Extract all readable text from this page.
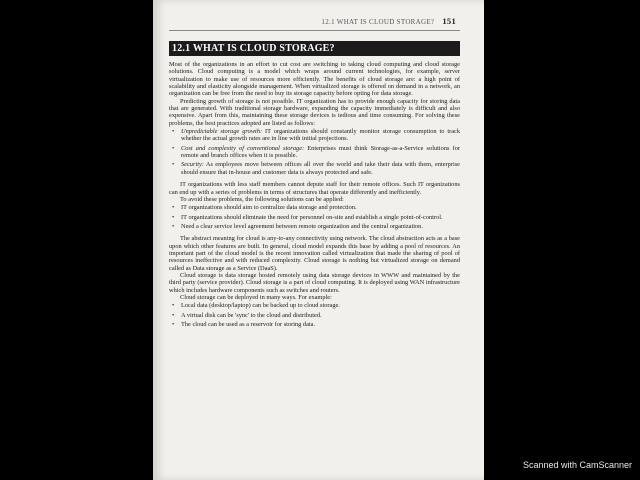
12.1 WHAT IS CLOUD STORAGE? 151
12.1 WHAT IS CLOUD STORAGE?

Most of the organizations in an effort to cut cost are switching to taking cloud computing and cloud storage solutions. Cloud computing is a model which wraps around current technologies, for example, server virtualization to make use of resources more efficiently. The benefits of cloud storage are: a high point of scalability and elasticity alongside management. When virtualized storage is offered on demand in a network, an organization can be free from the need to buy its storage capacity before opting for data storage.

Predicting growth of storage is not possible. IT organization has to provide enough capacity for storing data that are generated. With traditional storage hardware, expanding the capacity immediately is difficult and also expensive. Apart from this, maintaining these storage devices is tedious and time consuming. For solving these problems, the best practices adopted are listed as follows:

• Unpredictable storage growth: IT organizations should constantly monitor storage consumption to track whether the actual growth rates are in line with initial projections.
• Cost and complexity of conventional storage: Enterprises must think Storage-as-a-Service solutions for remote and branch offices when it is possible.
• Security: As employees move between offices all over the world and take their data with them, enterprise should ensure that in-house and customer data is always protected and safe.

IT organizations with less staff members cannot depute staff for their remote offices. Such IT organizations can end up with a series of problems in terms of structures that operate differently and inefficiently.

To avoid these problems, the following solutions can be applied:

• IT organizations should aim to centralize data storage and protection.
• IT organizations should eliminate the need for personnel on-site and establish a single point-of-control.
• Need a clear service level agreement between remote organization and the central organization.

The abstract meaning for cloud is any-to-any connectivity using network. The cloud abstraction acts as a base upon which other features are built. In general, cloud model expands this base by adding a pool of resources. An important part of the cloud model is the recent innovation called virtualization that made the sharing of pool of resources ineffective and with reduced complexity. Cloud storage is nothing but virtualized storage on demand called as Data storage as a Service (DaaS).

Cloud storage is data storage hosted remotely using data storage devices in WWW and maintained by the third party (service provider). Cloud storage is a part of cloud computing. It is deployed using WAN infrastructure which includes hardware components such as switches and routers.

Cloud storage can be deployed in many ways. For example:

• Local data (desktop/laptop) can be backed up to cloud storage.
• A virtual disk can be 'sync' to the cloud and distributed.
• The cloud can be used as a reservoir for storing data.
Scanned with CamScanner
